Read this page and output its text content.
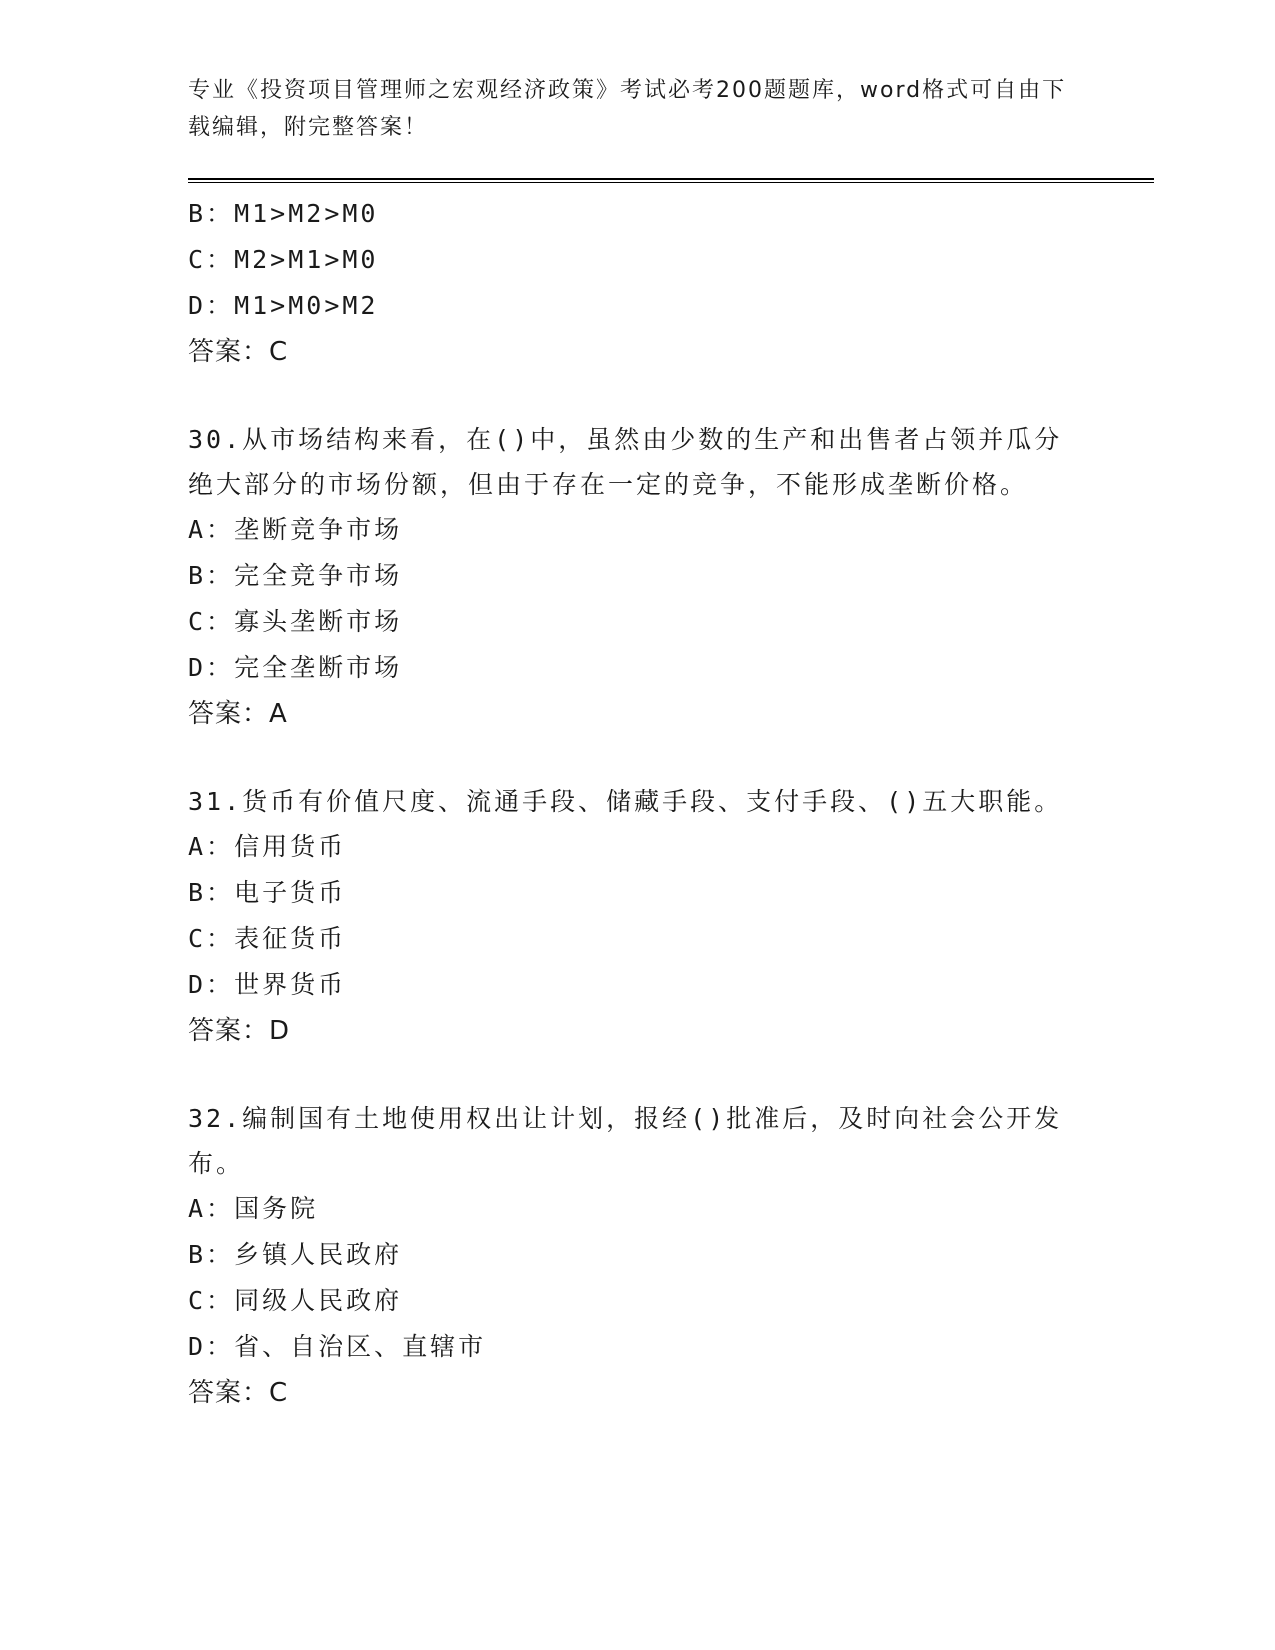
专业《投资项目管理师之宏观经济政策》考试必考200题题库，word格式可自由下载编辑，附完整答案！
B：M1>M2>M0
C：M2>M1>M0
D：M1>M0>M2
答案：C
30.从市场结构来看，在()中，虽然由少数的生产和出售者占领并瓜分绝大部分的市场份额，但由于存在一定的竞争，不能形成垄断价格。
A：垄断竞争市场
B：完全竞争市场
C：寡头垄断市场
D：完全垄断市场
答案：A
31.货币有价值尺度、流通手段、储藏手段、支付手段、()五大职能。
A：信用货币
B：电子货币
C：表征货币
D：世界货币
答案：D
32.编制国有土地使用权出让计划，报经()批准后，及时向社会公开发布。
A：国务院
B：乡镇人民政府
C：同级人民政府
D：省、自治区、直辖市
答案：C
